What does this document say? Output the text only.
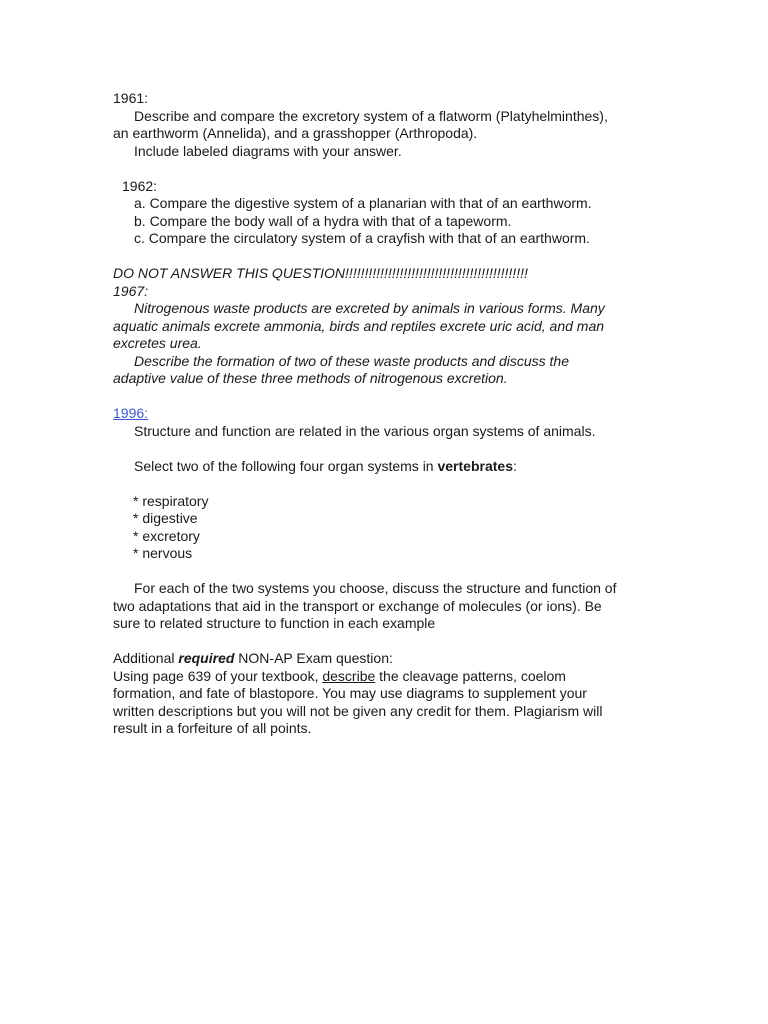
1961:

Describe and compare the excretory system of a flatworm (Platyhelminthes),

an earthworm (Annelida), and a grasshopper (Arthropoda).

Include labeled diagrams with your answer.

1962:

a. Compare the digestive system of a planarian with that of an earthworm.

b. Compare the body wall of a hydra with that of a tapeworm.

c. Compare the circulatory system of a crayfish with that of an earthworm.

DO NOT ANSWER THIS QUESTION!!!!!!!!!!!!!!!!!!!!!!!!!!!!!!!!!!!!!!!!!!!!!!!

1967:

Nitrogenous waste products are excreted by animals in various forms. Many

aquatic animals excrete ammonia, birds and reptiles excrete uric acid, and man

excretes urea.

Describe the formation of two of these waste products and discuss the

adaptive value of these three methods of nitrogenous excretion.

1996:

Structure and function are related in the various organ systems of animals.

Select two of the following four organ systems in vertebrates:

* respiratory

* digestive

* excretory

* nervous

For each of the two systems you choose, discuss the structure and function of

two adaptations that aid in the transport or exchange of molecules (or ions). Be

sure to related structure to function in each example

Additional required NON-AP Exam question:

Using page 639 of your textbook, describe the cleavage patterns, coelom

formation, and fate of blastopore. You may use diagrams to supplement your

written descriptions but you will not be given any credit for them. Plagiarism will

result in a forfeiture of all points.
